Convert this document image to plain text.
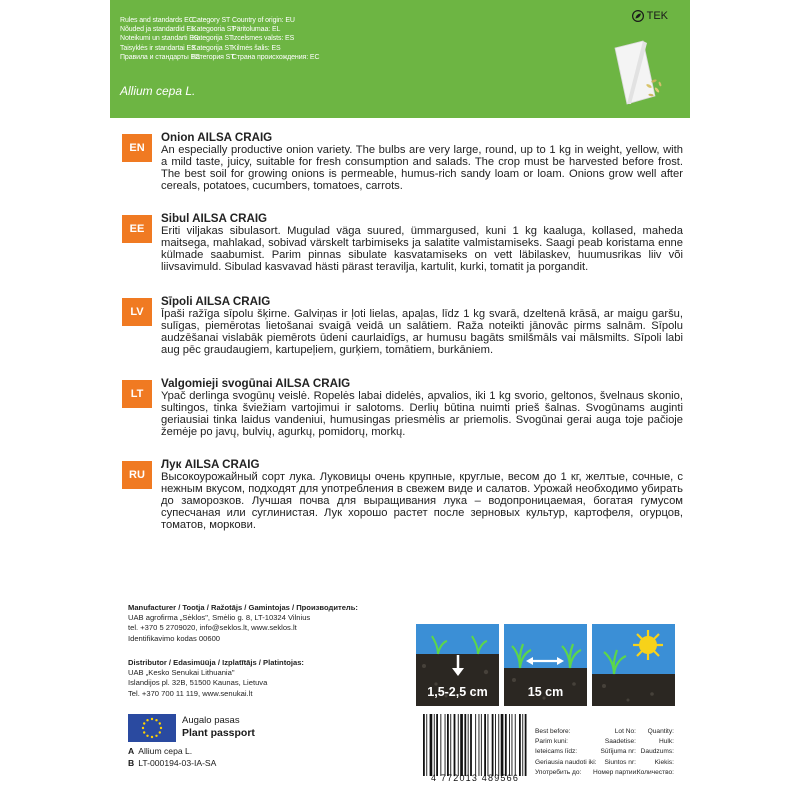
Rules and standards EC
Nõuded ja standardid EL
Noteikumi un standarti ES
Taisyklės ir standartai ES
Правила и стандарты ЕС
Category ST
Kategooria ST
Kategorija ST
Kategorija ST
Категория ST
Country of origin: EU
Päritolumaa: EL
Izcelsmes valsts: ES
Kilmės šalis: ES
Страна происхождения: ЕС
Allium cepa L.
TEK
EN
Onion AILSA CRAIG
An especially productive onion variety. The bulbs are very large, round, up to 1 kg in weight, yellow, with a mild taste, juicy, suitable for fresh consumption and salads. The crop must be harvested before frost. The best soil for growing onions is permeable, humus-rich sandy loam or loam. Onions grow well after cereals, potatoes, cucumbers, tomatoes, carrots.
EE
Sibul AILSA CRAIG
Eriti viljakas sibulasort. Mugulad väga suured, ümmargused, kuni 1 kg kaaluga, kollased, maheda maitsega, mahlakad, sobivad värskelt tarbimiseks ja salatite valmistamiseks. Saagi peab koristama enne külmade saabumist. Parim pinnas sibulate kasvatamiseks on vett läbilaskev, huumusrikas liiv või liivsavimuld. Sibulad kasvavad hästi pärast teravilja, kartulit, kurki, tomatit ja porgandit.
LV
Sīpoli AILSA CRAIG
Īpaši ražīga sīpolu šķirne. Galviņas ir ļoti lielas, apaļas, līdz 1 kg svarā, dzeltenā krāsā, ar maigu garšu, sulīgas, piemērotas lietošanai svaigā veidā un salātiem. Raža noteikti jānovāc pirms salnām. Sīpolu audzēšanai vislabāk piemērots ūdeni caurlaidīgs, ar humusu bagāts smilšmāls vai mālsmilts. Sīpoli labi aug pēc graudaugiem, kartupeļiem, gurķiem, tomātiem, burkāniem.
LT
Valgomieji svogūnai AILSA CRAIG
Ypač derlinga svogūnų veislė. Ropelės labai didelės, apvalios, iki 1 kg svorio, geltonos, švelnaus skonio, sultingos, tinka šviežiam vartojimui ir salotoms. Derlių būtina nuimti prieš šalnas. Svogūnams auginti geriausiai tinka laidus vandeniui, humusingas priesmėlis ar priemolis. Svogūnai gerai auga toje pačioje žemėje po javų, bulvių, agurkų, pomidorų, morkų.
RU
Лук AILSA CRAIG
Высокоурожайный сорт лука. Луковицы очень крупные, круглые, весом до 1 кг, желтые, сочные, с нежным вкусом, подходят для употребления в свежем виде и салатов. Урожай необходимо убирать до заморозков. Лучшая почва для выращивания лука – водопроницаемая, богатая гумусом супесчаная или суглинистая. Лук хорошо растет после зерновых культур, картофеля, огурцов, томатов, моркови.
Manufacturer / Tootja / Ražotājs / Gamintojas / Производитель:
UAB agrofirma „Sėklos", Smėlio g. 8, LT-10324 Vilnius
tel. +370 5 2709020, info@seklos.lt, www.seklos.lt
Identifikavimo kodas 00600
Distributor / Edasimüüja / Izplatītājs / Platintojas:
UAB „Kesko Senukai Lithuania"
Islandijos pl. 32B, 51500 Kaunas, Lietuva
Tel. +370 700 11 119, www.senukai.lt
Augalo pasas
Plant passport
A Allium cepa L.
B LT-000194-03-IA-SA
1,5-2,5 cm	15 cm
4 772013 489566
Best before:
Parim kuni:
Ieteicams līdz:
Geriausia naudoti iki:
Употребить до:
Lot No:
Saadetise:
Sūtījuma nr:
Siuntos nr:
Номер партии:
Quantity:
Hulk:
Daudzums:
Kiekis:
Количество:
